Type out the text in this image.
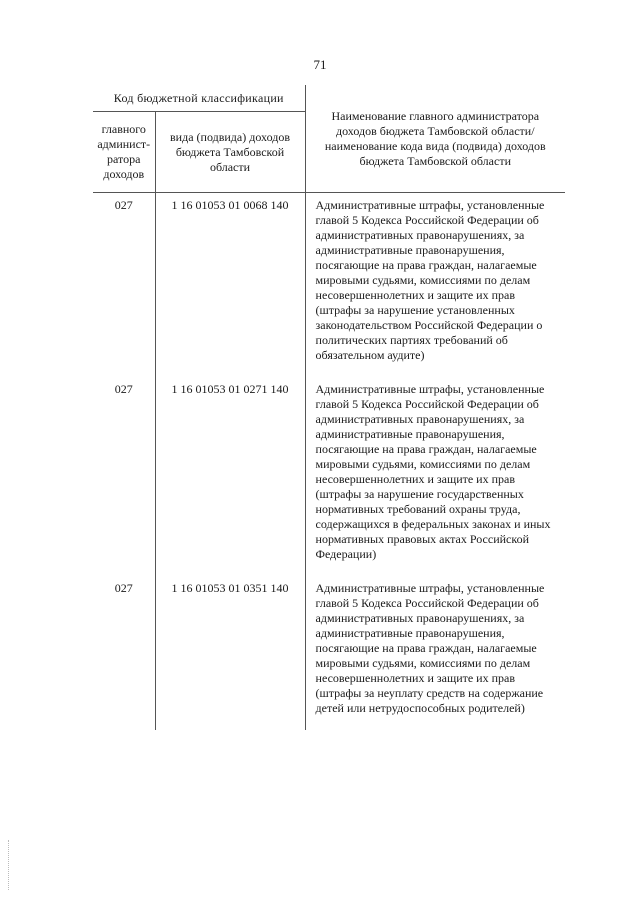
71
Код бюджетной классификации		Наименование главного администратора доходов бюджета Тамбовской области/наименование кода вида (подвида) доходов бюджета Тамбовской области
главного админист-ратора доходов	вида (подвида) доходов бюджета Тамбовской области	
027	1 16 01053 01 0068 140	Административные штрафы, установленные главой 5 Кодекса Российской Федерации об административных правонарушениях, за административные правонарушения, посягающие на права граждан, налагаемые мировыми судьями, комиссиями по делам несовершеннолетних и защите их прав (штрафы за нарушение установленных законодательством Российской Федерации о политических партиях требований об обязательном аудите)
027	1 16 01053 01 0271 140	Административные штрафы, установленные главой 5 Кодекса Российской Федерации об административных правонарушениях, за административные правонарушения, посягающие на права граждан, налагаемые мировыми судьями, комиссиями по делам несовершеннолетних и защите их прав (штрафы за нарушение государственных нормативных требований охраны труда, содержащихся в федеральных законах и иных нормативных правовых актах Российской Федерации)
027	1 16 01053 01 0351 140	Административные штрафы, установленные главой 5 Кодекса Российской Федерации об административных правонарушениях, за административные правонарушения, посягающие на права граждан, налагаемые мировыми судьями, комиссиями по делам несовершеннолетних и защите их прав (штрафы за неуплату средств на содержание детей или нетрудоспособных родителей)
